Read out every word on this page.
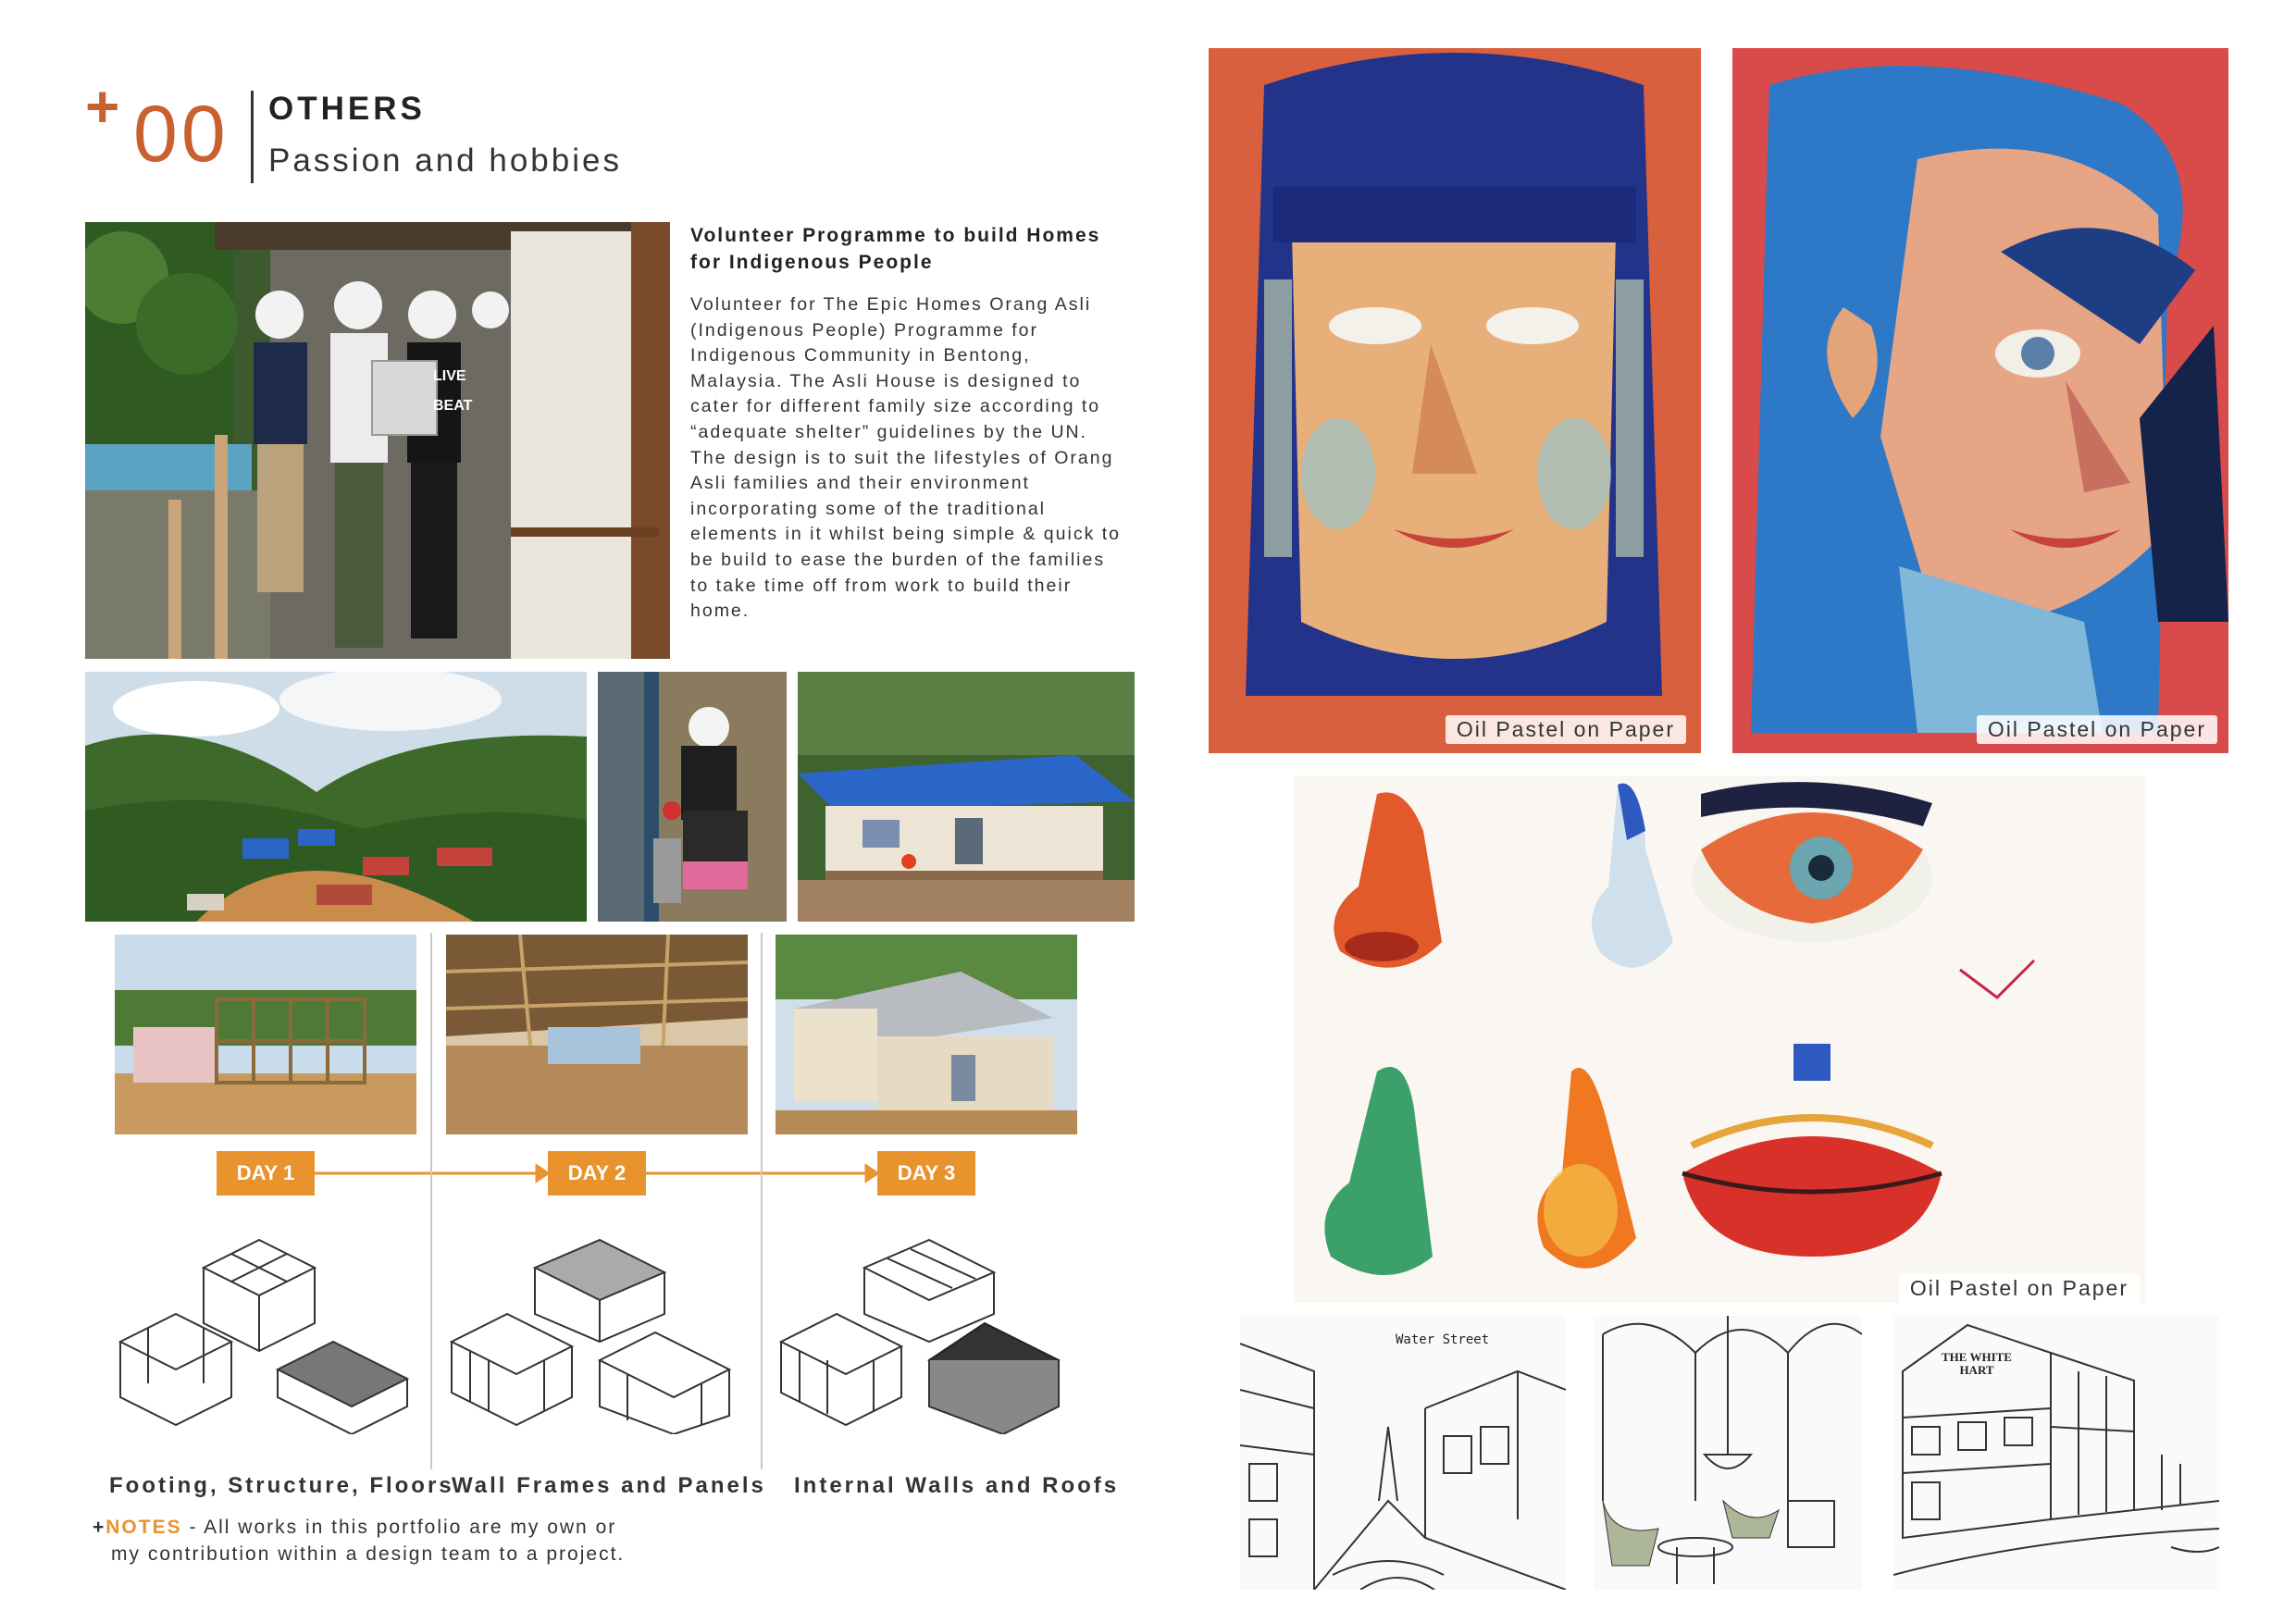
+ 00 OTHERS
Passion and hobbies
LIVE
BEAT
Volunteer Programme to build Homes for Indigenous People
Volunteer for The Epic Homes Orang Asli (Indigenous People) Programme for Indigenous Community in Bentong, Malaysia. The Asli House is designed to cater for different family size according to “adequate shelter” guidelines by the UN. The design is to suit the lifestyles of Orang Asli families and their environment incorporating some of the traditional elements in it whilst being simple & quick to be build to ease the burden of the families to take time off from work to build their home.
DAY 1	DAY 2	DAY 3
Footing, Structure, Floors
Wall Frames and Panels Internal Walls and Roofs
+NOTES - All works in this portfolio are my own or
my contribution within a design team to a project.
Oil Pastel on Paper	Oil Pastel on Paper
Oil Pastel on Paper
Water Street
THE WHITE HART
